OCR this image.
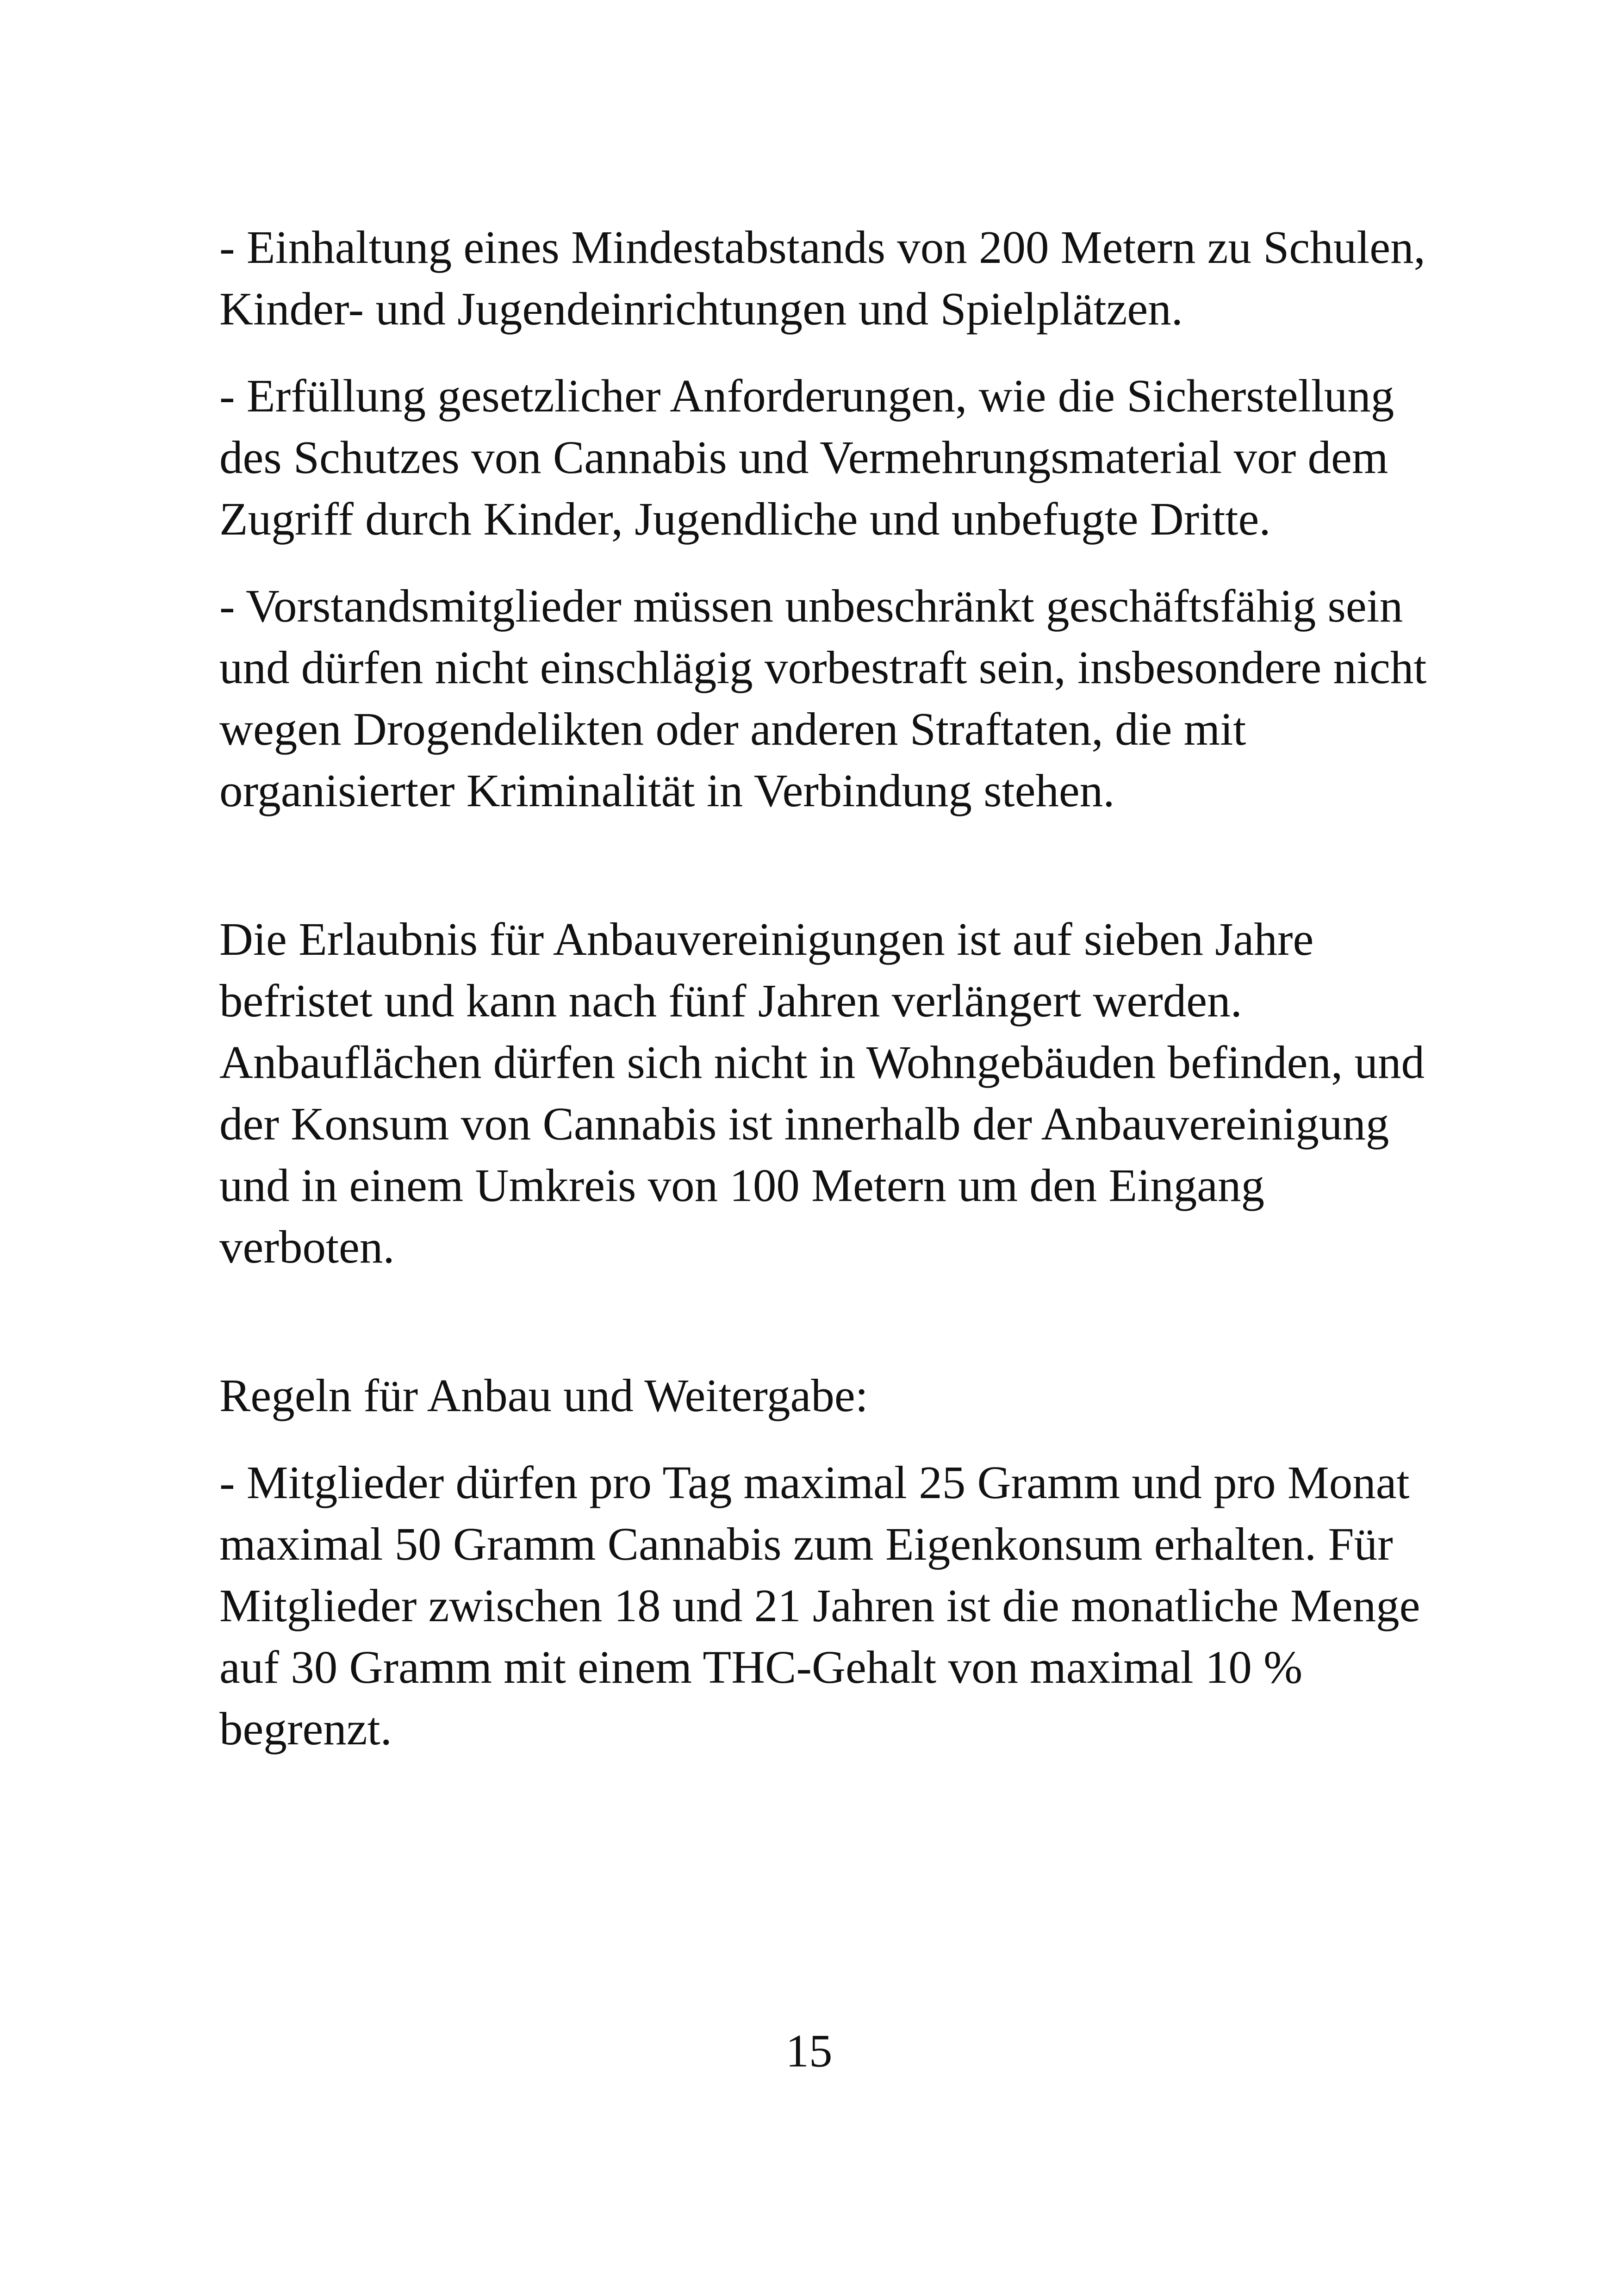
- Einhaltung eines Mindestabstands von 200 Metern zu Schulen, Kinder- und Jugendeinrichtungen und Spielplätzen.

- Erfüllung gesetzlicher Anforderungen, wie die Sicherstellung des Schutzes von Cannabis und Vermehrungsmaterial vor dem Zugriff durch Kinder, Jugendliche und unbefugte Dritte.

- Vorstandsmitglieder müssen unbeschränkt geschäftsfähig sein und dürfen nicht einschlägig vorbestraft sein, insbesondere nicht wegen Drogendelikten oder anderen Straftaten, die mit organisierter Kriminalität in Verbindung stehen.

Die Erlaubnis für Anbauvereinigungen ist auf sieben Jahre befristet und kann nach fünf Jahren verlängert werden. Anbauflächen dürfen sich nicht in Wohngebäuden befinden, und der Konsum von Cannabis ist innerhalb der Anbauvereinigung und in einem Umkreis von 100 Metern um den Eingang verboten.

Regeln für Anbau und Weitergabe:

- Mitglieder dürfen pro Tag maximal 25 Gramm und pro Monat maximal 50 Gramm Cannabis zum Eigenkonsum erhalten. Für Mitglieder zwischen 18 und 21 Jahren ist die monatliche Menge auf 30 Gramm mit einem THC-Gehalt von maximal 10 % begrenzt.

15
